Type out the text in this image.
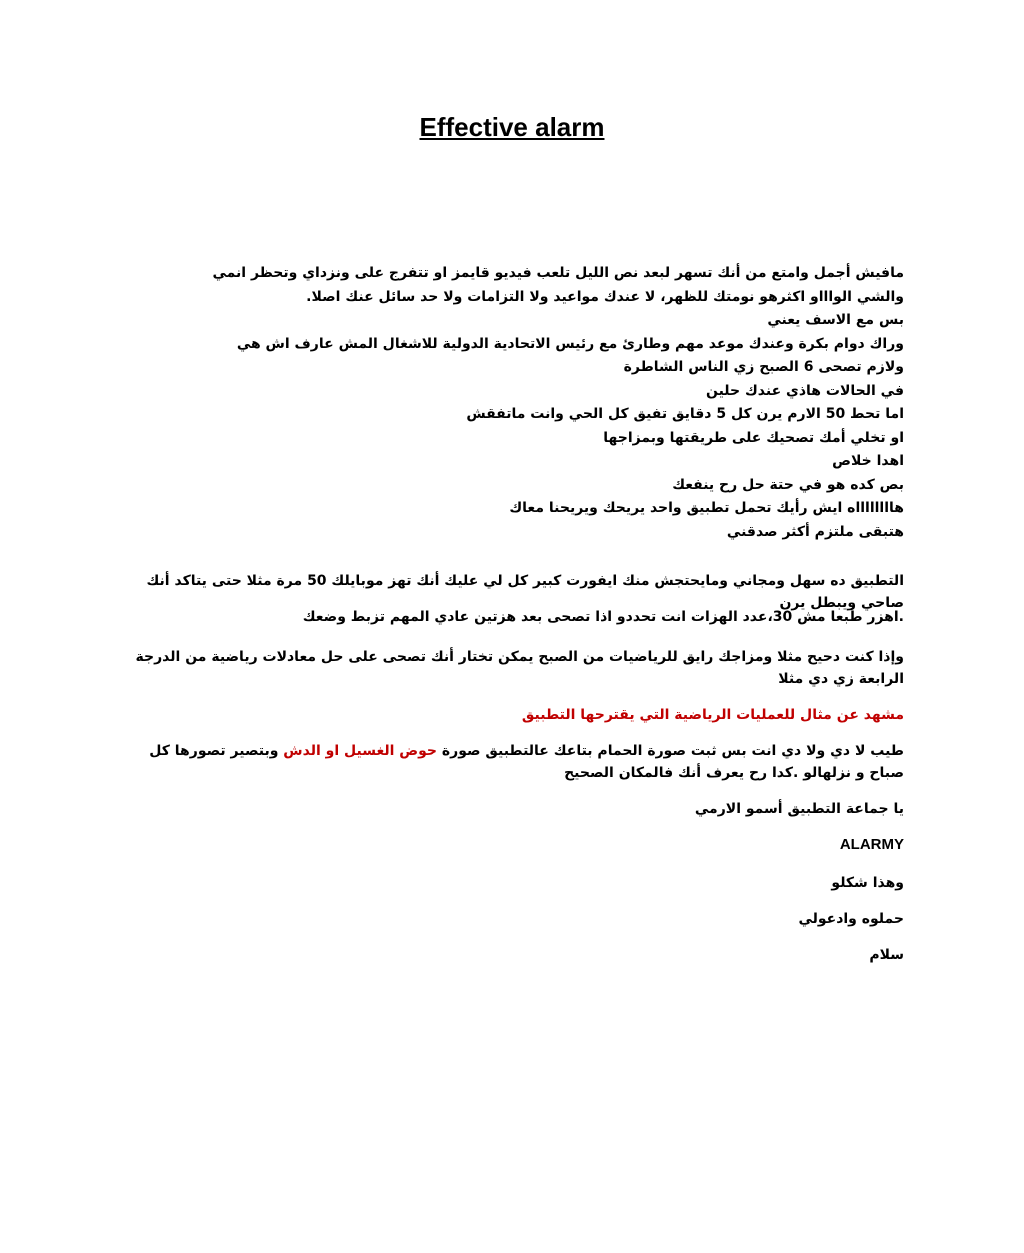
Effective alarm
مافيش أجمل وامتع من أنك تسهر لبعد نص الليل تلعب فيديو قايمز او تتفرج على ونزداي وتحظر انمي
والشي الواااو اكثرهو نومتك للظهر، لا عندك مواعيد ولا التزامات ولا حد سائل عنك اصلا.
بس مع الاسف يعني
وراك دوام بكرة وعندك موعد مهم وطارئ مع رئيس الاتحادية الدولية للاشغال المش عارف اش هي
ولازم تصحى 6 الصبح زي الناس الشاطرة
في الحالات هاذي عندك حلين
اما تحط 50 الارم يرن كل 5 دقايق تفيق كل الحي وانت ماتفقش
او تخلي أمك تصحيك على طريقتها وبمزاجها
اهدا خلاص
بص كده هو في حتة حل رح ينفعك
هااااااااه ايش رأيك تحمل تطبيق واحد يريحك ويريحنا معاك
هتبقى ملتزم أكثر صدقني
التطبيق ده سهل ومجاني ومايحتجش منك ايفورت كبير كل لي عليك أنك تهز موبايلك 50 مرة مثلا حتى يتاكد أنك صاحي ويبطل يرن
.اهزر طبعا مش 30،عدد الهزات انت تحددو اذا تصحى بعد هزتين عادي المهم تزبط وضعك
وإذا كنت دحيح مثلا ومزاجك رايق للرياضيات من الصبح يمكن تختار أنك تصحى على حل معادلات رياضية من الدرجة الرابعة زي دي مثلا
مشهد عن مثال للعمليات الرياضية التي يقترحها التطبيق
طيب لا دي ولا دي انت بس ثبت صورة الحمام بتاعك عالتطبيق صورة حوض الغسيل او الدش وبتصير تصورها كل صباح و نزلهالو .كدا رح يعرف أنك فالمكان الصحيح
يا جماعة التطبيق أسمو الارمي
ALARMY
وهذا شكلو
حملوه وادعولي
سلام
